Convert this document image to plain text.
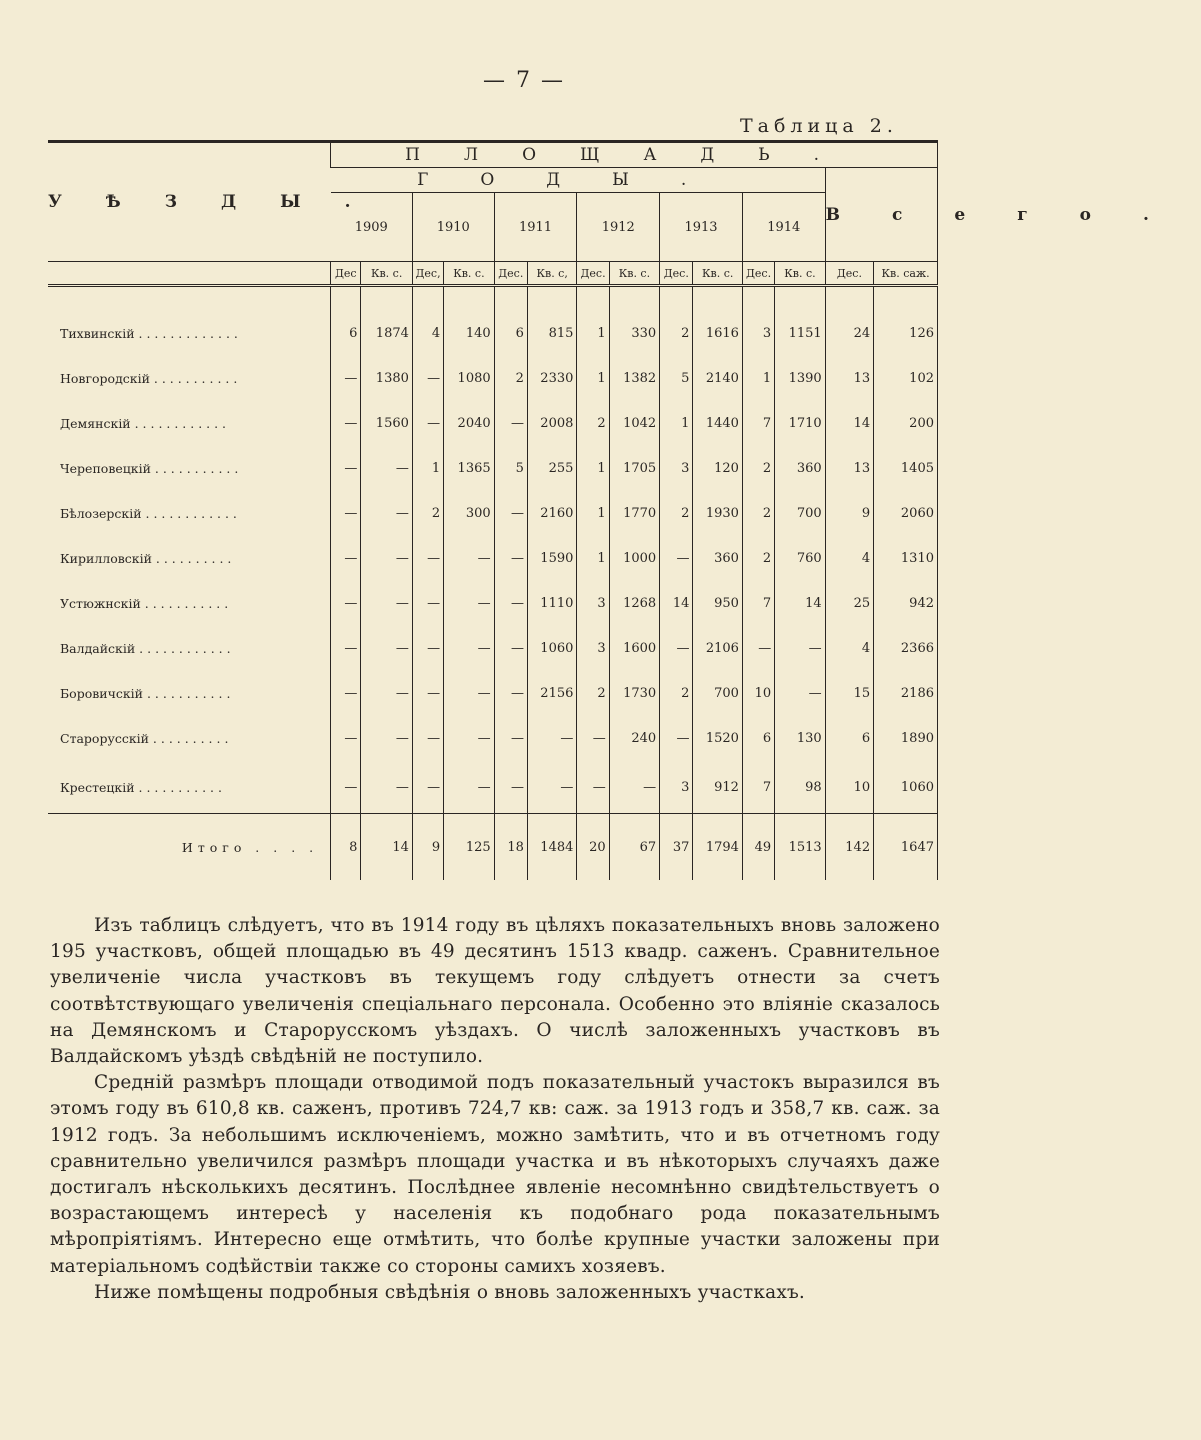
— 7 —
Таблица 2.
УѢЗДЫ.	ПЛОЩАДЬ.													
	ГОДЫ.												Всего.	
	1909		1910		1911		1912		1913		1914			
	Дес	Кв. с.	Дес,	Кв. с.	Дес.	Кв. с,	Дес.	Кв. с.	Дес.	Кв. с.	Дес.	Кв. с.	Дес.	Кв. саж.

Тихвинскій . . . . . . . . . . . . .	6	1874	4	140	6	815	1	330	2	1616	3	1151	24	126
Новгородскій . . . . . . . . . . .	—	1380	—	1080	2	2330	1	1382	5	2140	1	1390	13	102
Демянскій . . . . . . . . . . . .	—	1560	—	2040	—	2008	2	1042	1	1440	7	1710	14	200
Череповецкій . . . . . . . . . . .	—	—	1	1365	5	255	1	1705	3	120	2	360	13	1405
Бѣлозерскій . . . . . . . . . . . .	—	—	2	300	—	2160	1	1770	2	1930	2	700	9	2060
Кирилловскій . . . . . . . . . .	—	—	—	—	—	1590	1	1000	—	360	2	760	4	1310
Устюжнскій . . . . . . . . . . .	—	—	—	—	—	1110	3	1268	14	950	7	14	25	942
Валдайскій . . . . . . . . . . . .	—	—	—	—	—	1060	3	1600	—	2106	—	—	4	2366
Боровичскій . . . . . . . . . . .	—	—	—	—	—	2156	2	1730	2	700	10	—	15	2186
Старорусскій . . . . . . . . . .	—	—	—	—	—	—	—	240	—	1520	6	130	6	1890
Крестецкій . . . . . . . . . . .	—	—	—	—	—	—	—	—	3	912	7	98	10	1060
Итого . . . .	8	14	9	125	18	1484	20	67	37	1794	49	1513	142	1647

Изъ таблицъ слѣдуетъ, что въ 1914 году въ цѣляхъ показательныхъ вновь заложено 195 участковъ, общей площадью въ 49 десятинъ 1513 квадр. саженъ. Сравнительное увеличеніе числа участковъ въ текущемъ году слѣдуетъ отнести за счетъ соотвѣтствующаго увеличенія спеціальнаго персонала. Особенно это вліяніе сказалось на Демянскомъ и Старорусскомъ уѣздахъ. О числѣ заложенныхъ участковъ въ Валдайскомъ уѣздѣ свѣдѣній не поступило.

Средній размѣръ площади отводимой подъ показательный участокъ выразился въ этомъ году въ 610,8 кв. саженъ, противъ 724,7 кв: саж. за 1913 годъ и 358,7 кв. саж. за 1912 годъ. За небольшимъ исключеніемъ, можно замѣтить, что и въ отчетномъ году сравнительно увеличился размѣръ площади участка и въ нѣкоторыхъ случаяхъ даже достигалъ нѣсколькихъ десятинъ. Послѣднее явленіе несомнѣнно свидѣтельствуетъ о возрастающемъ интересѣ у населенія къ подобнаго рода показательнымъ мѣропріятіямъ. Интересно еще отмѣтить, что болѣе крупные участки заложены при матеріальномъ содѣйствіи также со стороны самихъ хозяевъ.

Ниже помѣщены подробныя свѣдѣнія о вновь заложенныхъ участкахъ.
